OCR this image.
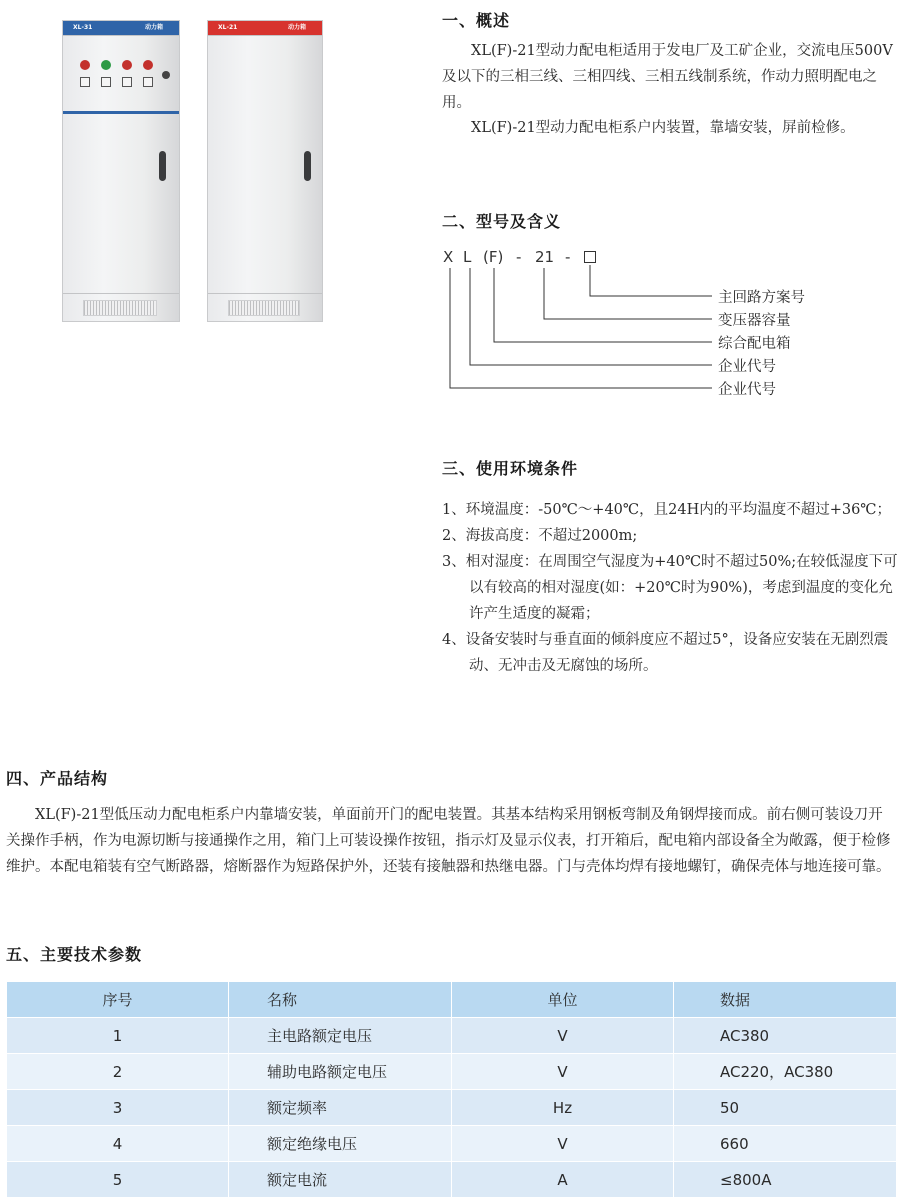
XL-31	动力箱	XL-21	动力箱	一、概述
XL(F)-21型动力配电柜适用于发电厂及工矿企业，交流电压500V及以下的三相三线、三相四线、三相五线制系统，作动力照明配电之用。
XL(F)-21型动力配电柜系户内装置，靠墙安装，屏前检修。
二、型号及含义
X L (F) - 21 -
主回路方案号
变压器容量
综合配电箱
企业代号
企业代号
三、使用环境条件
1、环境温度：-50℃～+40℃，且24H内的平均温度不超过+36℃；
2、海拔高度：不超过2000m;
3、相对湿度：在周围空气湿度为+40℃时不超过50%;在较低湿度下可以有较高的相对湿度(如：+20℃时为90%)，考虑到温度的变化允许产生适度的凝霜；
4、设备安装时与垂直面的倾斜度应不超过5°，设备应安装在无剧烈震动、无冲击及无腐蚀的场所。
四、产品结构
XL(F)-21型低压动力配电柜系户内靠墙安装，单面前开门的配电装置。其基本结构采用钢板弯制及角钢焊接而成。前右侧可装设刀开关操作手柄，作为电源切断与接通操作之用，箱门上可装设操作按钮，指示灯及显示仪表，打开箱后，配电箱内部设备全为敞露，便于检修维护。本配电箱装有空气断路器，熔断器作为短路保护外，还装有接触器和热继电器。门与壳体均焊有接地螺钉，确保壳体与地连接可靠。
五、主要技术参数
序号	名称	单位	数据
1	主电路额定电压	V	AC380
2	辅助电路额定电压	V	AC220，AC380
3	额定频率	Hz	50
4	额定绝缘电压	V	660
5	额定电流	A	≤800A
